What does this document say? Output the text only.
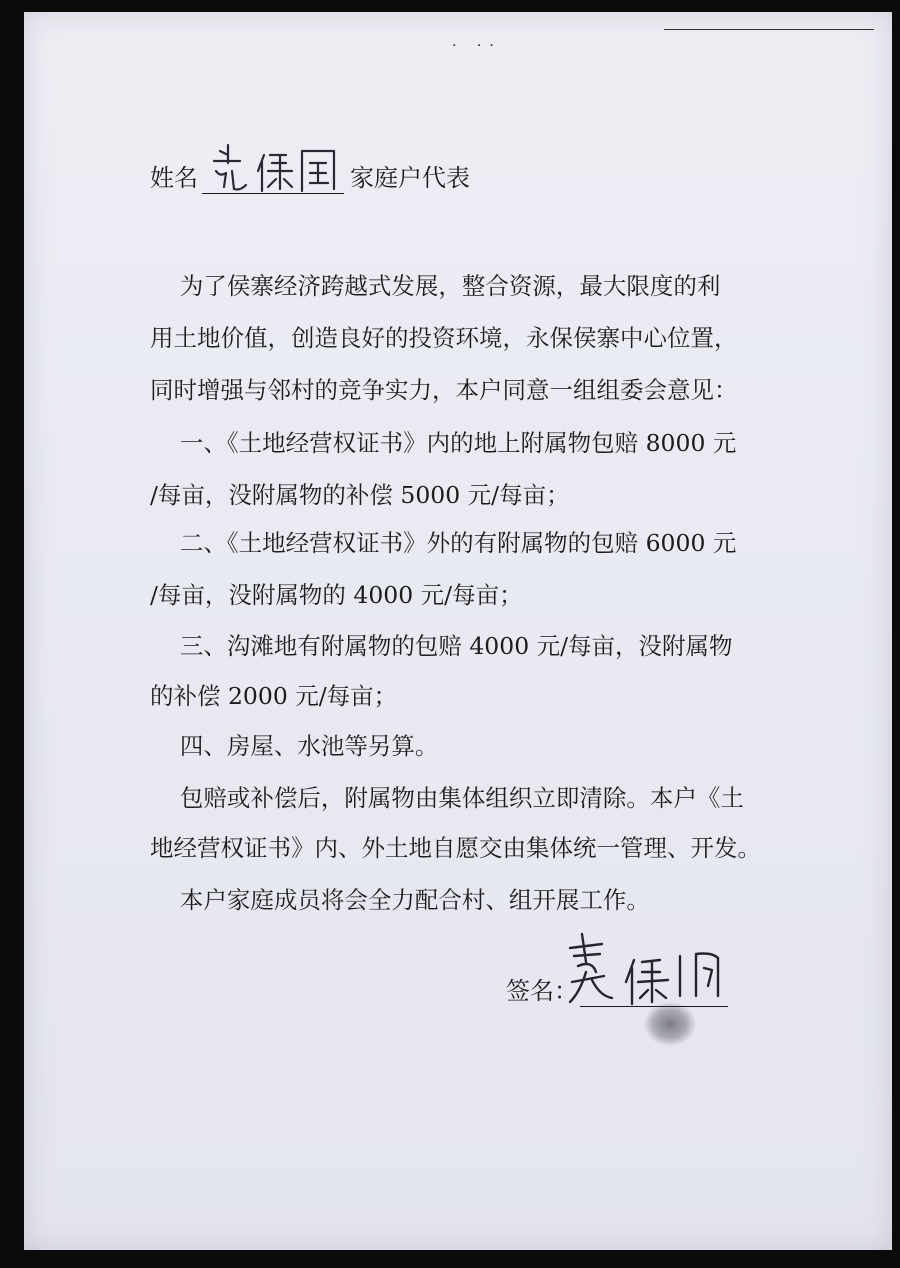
· ··
姓名	家庭户代表
为了侯寨经济跨越式发展，整合资源，最大限度的利
用土地价值，创造良好的投资环境，永保侯寨中心位置，
同时增强与邻村的竞争实力，本户同意一组组委会意见：
一、《土地经营权证书》内的地上附属物包赔 8000 元
/每亩，没附属物的补偿 5000 元/每亩；
二、《土地经营权证书》外的有附属物的包赔 6000 元
/每亩，没附属物的 4000 元/每亩；
三、沟滩地有附属物的包赔 4000 元/每亩，没附属物
的补偿 2000 元/每亩；
四、房屋、水池等另算。
包赔或补偿后，附属物由集体组织立即清除。本户《土
地经营权证书》内、外土地自愿交由集体统一管理、开发。
本户家庭成员将会全力配合村、组开展工作。
签名：
